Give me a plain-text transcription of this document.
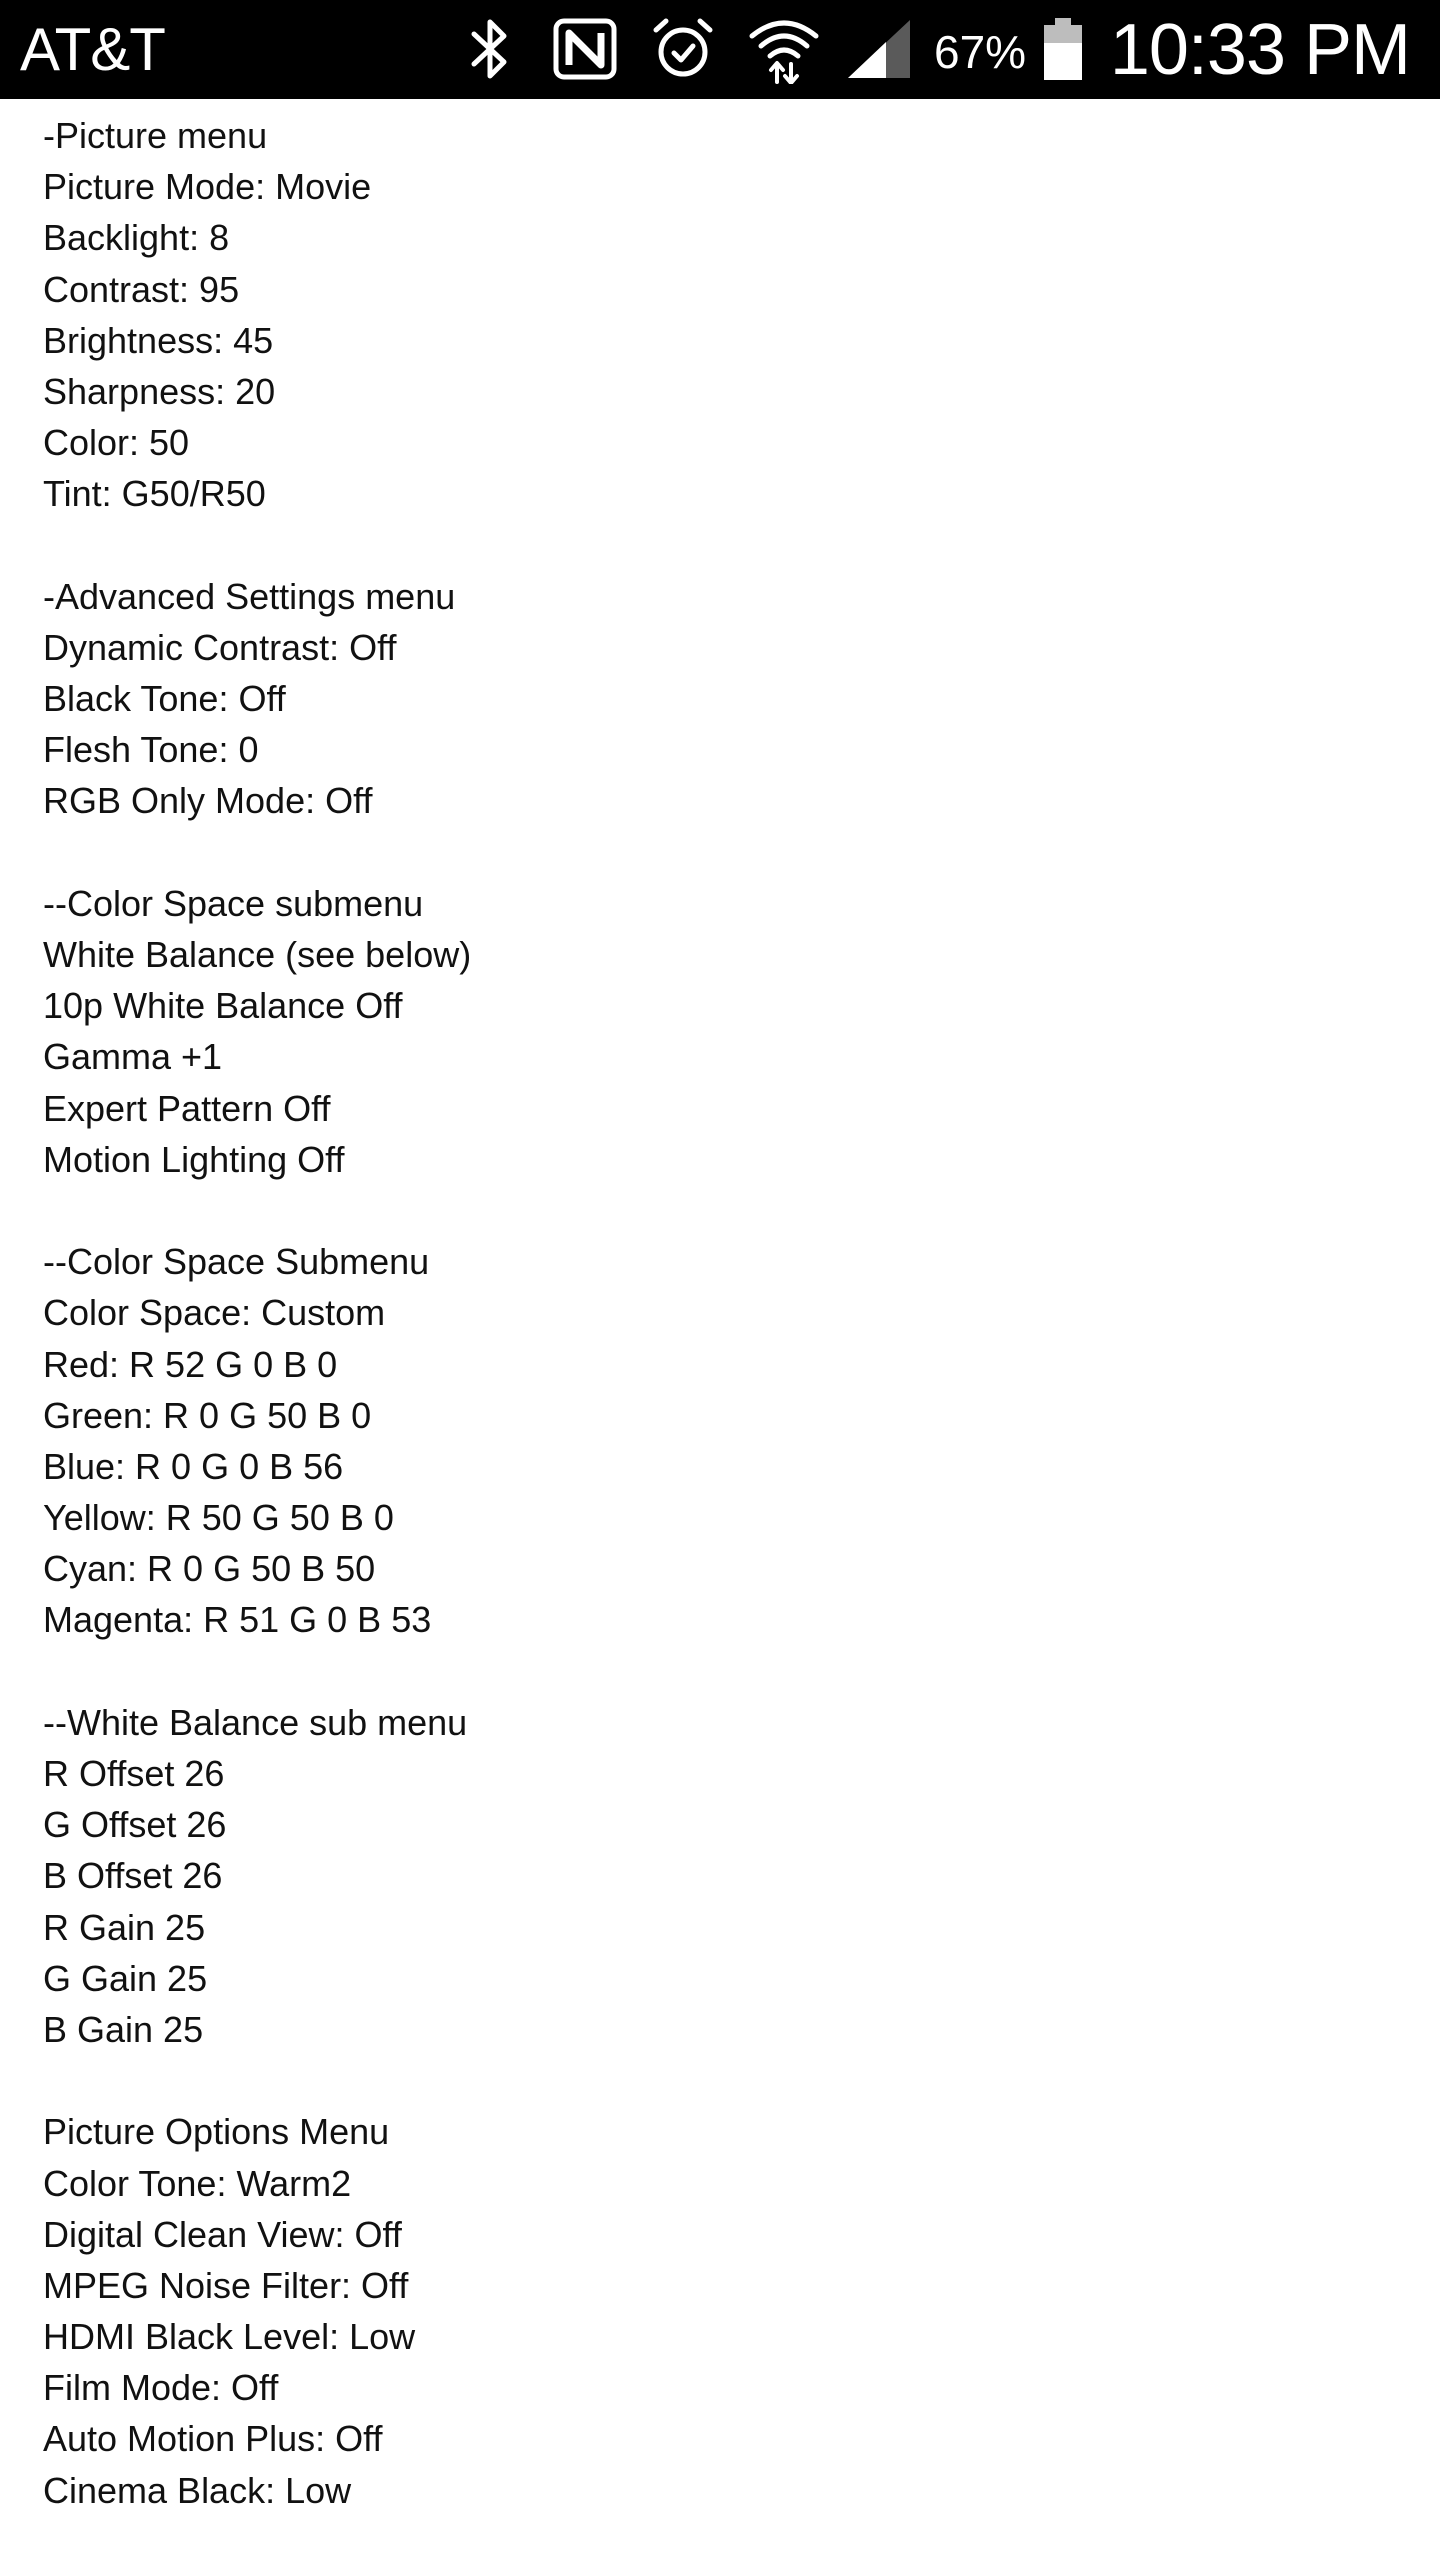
AT&T	67% 10:33 PM
-Picture menu
Picture Mode: Movie
Backlight: 8
Contrast: 95
Brightness: 45
Sharpness: 20
Color: 50
Tint: G50/R50
-Advanced Settings menu
Dynamic Contrast: Off
Black Tone: Off
Flesh Tone: 0
RGB Only Mode: Off
--Color Space submenu
White Balance (see below)
10p White Balance Off
Gamma +1
Expert Pattern Off
Motion Lighting Off
--Color Space Submenu
Color Space: Custom
Red: R 52 G 0 B 0
Green: R 0 G 50 B 0
Blue: R 0 G 0 B 56
Yellow: R 50 G 50 B 0
Cyan: R 0 G 50 B 50
Magenta: R 51 G 0 B 53
--White Balance sub menu
R Offset 26
G Offset 26
B Offset 26
R Gain 25
G Gain 25
B Gain 25
Picture Options Menu
Color Tone: Warm2
Digital Clean View: Off
MPEG Noise Filter: Off
HDMI Black Level: Low
Film Mode: Off
Auto Motion Plus: Off
Cinema Black: Low
